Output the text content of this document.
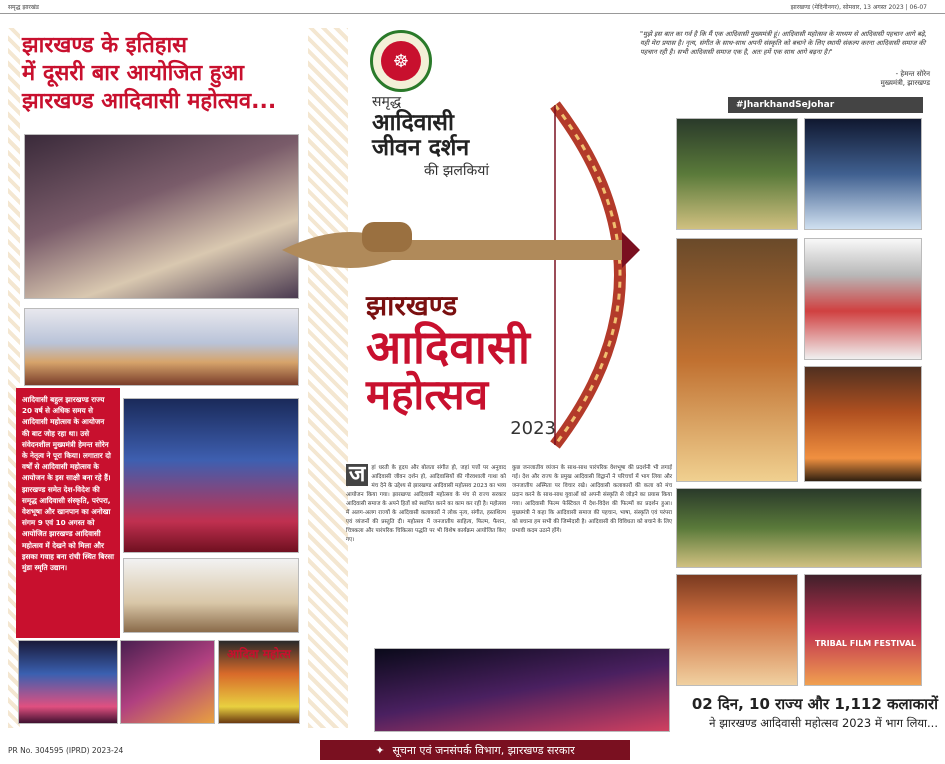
समृद्ध झारखंड	झारखण्ड (मेदिनीनगर), सोमवार, 13 अगस्त 2023 | 06-07
झारखण्ड के इतिहास
में दूसरी बार आयोजित हुआ
झारखण्ड आदिवासी महोत्सव...
आदिवासी बहुल झारखण्ड राज्य 20 वर्ष से अधिक समय से आदिवासी महोत्सव के आयोजन की बाट जोह रहा था। उसे संवेदनशील मुख्यमंत्री हेमन्त सोरेन के नेतृत्व ने पूरा किया। लगातार दो वर्षों से आदिवासी महोत्सव के आयोजन के इस साक्षी बना रहे हैं। झारखण्ड समेत देश-विदेश की समृद्ध आदिवासी संस्कृति, परंपरा, वेशभूषा और खानपान का अनोखा संगम 9 एवं 10 अगस्त को आयोजित झारखण्ड आदिवासी महोत्सव में देखने को मिला और इसका गवाह बना रांची स्थित बिरसा मुंडा स्मृति उद्यान।
आदिवा महोत्स
☸
समृद्ध
आदिवासी
जीवन दर्शन
की झलकियां
झारखण्ड
आदिवासी
महोत्सव
2023
ज	हां धरती के हृदय और बोलता संगीत हो, जहां पत्तों पर अनुवाद आदिवासी जीवन दर्शन हो, आदिवासियों की गौरवशाली गाथा को मंच देने के उद्देश्य से झारखण्ड आदिवासी महोत्सव 2023 का भव्य आयोजन किया गया। झारखण्ड आदिवासी महोत्सव के मंच से राज्य सरकार आदिवासी समाज के अपने हितों को स्थापित करने का काम कर रही है। महोत्सव में अलग-अलग राज्यों के आदिवासी कलाकारों ने लोक नृत्य, संगीत, हस्तशिल्प एवं व्यंजनों की प्रस्तुति दी। महोत्सव में जनजातीय साहित्य, फिल्म, फैशन, चित्रकला और पारंपरिक चिकित्सा पद्धति पर भी विशेष कार्यक्रम आयोजित किए गए।
कुछ जनजातीय व्यंजन के साथ-साथ पारंपरिक वेशभूषा की प्रदर्शनी भी लगाई गई। देश और राज्य के प्रमुख आदिवासी विद्वानों ने परिचर्चा में भाग लिया और जनजातीय अस्मिता पर विचार रखे। आदिवासी कलाकारों की कला को मंच प्रदान करने के साथ-साथ युवाओं को अपनी संस्कृति से जोड़ने का प्रयास किया गया। आदिवासी फिल्म फेस्टिवल में देश-विदेश की फिल्मों का प्रदर्शन हुआ। मुख्यमंत्री ने कहा कि आदिवासी समाज की पहचान, भाषा, संस्कृति एवं परंपरा को बचाना हम सभी की जिम्मेदारी है। आदिवासी की विविधता को बचाने के लिए प्रभावी कदम उठाने होंगे।
"मुझे इस बात का गर्व है कि मैं एक आदिवासी मुख्यमंत्री हूं। आदिवासी महोत्सव के माध्यम से आदिवासी पहचान आगे बढ़े, यही मेरा प्रयास है। नृत्य, संगीत के साथ-साथ अपनी संस्कृति को बचाने के लिए स्थायी संकल्प करना आदिवासी समाज की पहचान रही है। सभी आदिवासी समाज एक है, अतः हमें एक साथ आगे बढ़ना है।"
- हेमन्त सोरेन
मुख्यमंत्री, झारखण्ड
#JharkhandSeJohar
TRIBAL FILM FESTIVAL
02 दिन, 10 राज्य और 1,112 कलाकारों
ने झारखण्ड आदिवासी महोत्सव 2023 में भाग लिया...
PR No. 304595 (IPRD) 2023-24	✦ सूचना एवं जनसंपर्क विभाग, झारखण्ड सरकार
